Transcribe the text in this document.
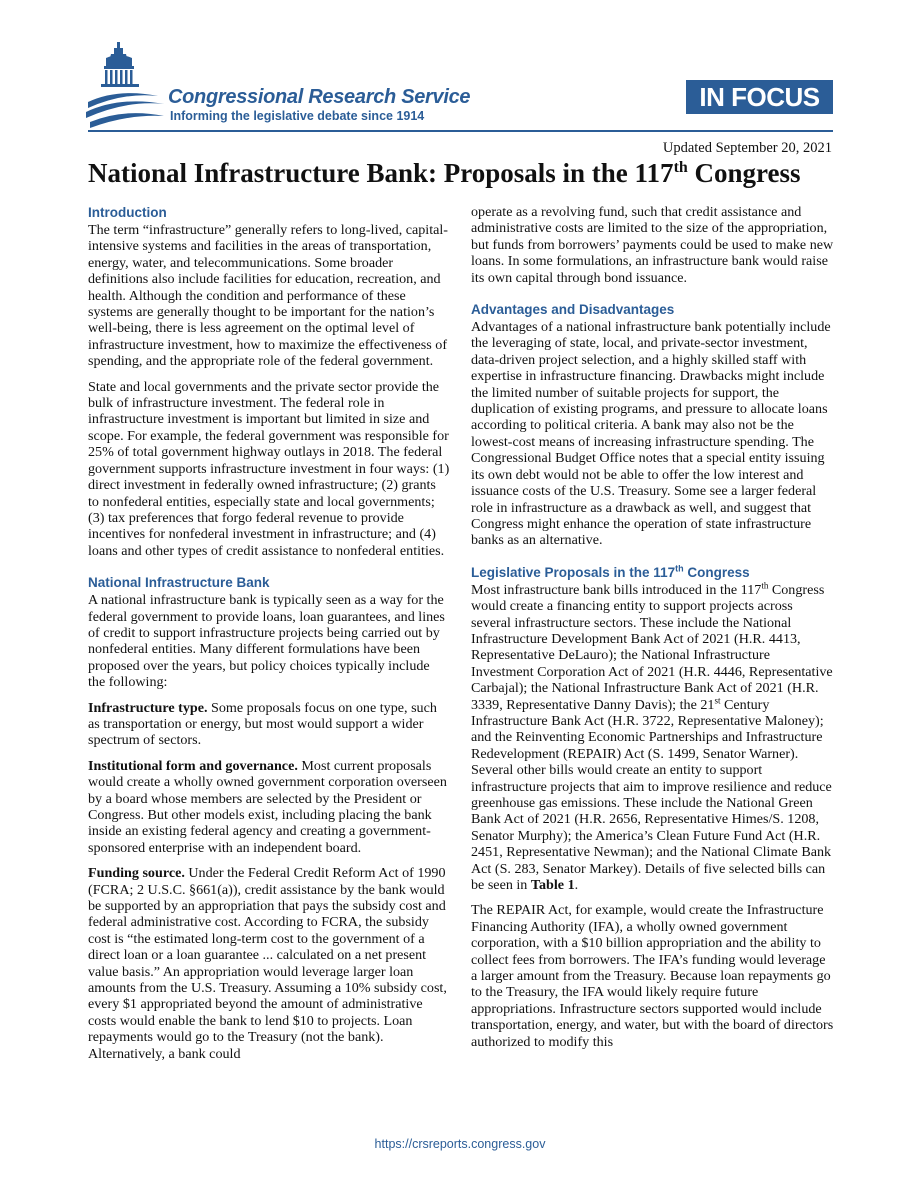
Congressional Research Service
Informing the legislative debate since 1914
IN FOCUS
Updated September 20, 2021
National Infrastructure Bank: Proposals in the 117th Congress
Introduction

The term “infrastructure” generally refers to long-lived, capital-intensive systems and facilities in the areas of transportation, energy, water, and telecommunications. Some broader definitions also include facilities for education, recreation, and health. Although the condition and performance of these systems are generally thought to be important for the nation’s well-being, there is less agreement on the optimal level of infrastructure investment, how to maximize the effectiveness of spending, and the appropriate role of the federal government.

State and local governments and the private sector provide the bulk of infrastructure investment. The federal role in infrastructure investment is important but limited in size and scope. For example, the federal government was responsible for 25% of total government highway outlays in 2018. The federal government supports infrastructure investment in four ways: (1) direct investment in federally owned infrastructure; (2) grants to nonfederal entities, especially state and local governments; (3) tax preferences that forgo federal revenue to provide incentives for nonfederal investment in infrastructure; and (4) loans and other types of credit assistance to nonfederal entities.

National Infrastructure Bank

A national infrastructure bank is typically seen as a way for the federal government to provide loans, loan guarantees, and lines of credit to support infrastructure projects being carried out by nonfederal entities. Many different formulations have been proposed over the years, but policy choices typically include the following:

Infrastructure type. Some proposals focus on one type, such as transportation or energy, but most would support a wider spectrum of sectors.

Institutional form and governance. Most current proposals would create a wholly owned government corporation overseen by a board whose members are selected by the President or Congress. But other models exist, including placing the bank inside an existing federal agency and creating a government-sponsored enterprise with an independent board.

Funding source. Under the Federal Credit Reform Act of 1990 (FCRA; 2 U.S.C. §661(a)), credit assistance by the bank would be supported by an appropriation that pays the subsidy cost and federal administrative cost. According to FCRA, the subsidy cost is “the estimated long-term cost to the government of a direct loan or a loan guarantee ... calculated on a net present value basis.” An appropriation would leverage larger loan amounts from the U.S. Treasury. Assuming a 10% subsidy cost, every $1 appropriated beyond the amount of administrative costs would enable the bank to lend $10 to projects. Loan repayments would go to the Treasury (not the bank). Alternatively, a bank could

operate as a revolving fund, such that credit assistance and administrative costs are limited to the size of the appropriation, but funds from borrowers’ payments could be used to make new loans. In some formulations, an infrastructure bank would raise its own capital through bond issuance.

Advantages and Disadvantages

Advantages of a national infrastructure bank potentially include the leveraging of state, local, and private-sector investment, data-driven project selection, and a highly skilled staff with expertise in infrastructure financing. Drawbacks might include the limited number of suitable projects for support, the duplication of existing programs, and pressure to allocate loans according to political criteria. A bank may also not be the lowest-cost means of increasing infrastructure spending. The Congressional Budget Office notes that a special entity issuing its own debt would not be able to offer the low interest and issuance costs of the U.S. Treasury. Some see a larger federal role in infrastructure as a drawback as well, and suggest that Congress might enhance the operation of state infrastructure banks as an alternative.

Legislative Proposals in the 117th Congress

Most infrastructure bank bills introduced in the 117th Congress would create a financing entity to support projects across several infrastructure sectors. These include the National Infrastructure Development Bank Act of 2021 (H.R. 4413, Representative DeLauro); the National Infrastructure Investment Corporation Act of 2021 (H.R. 4446, Representative Carbajal); the National Infrastructure Bank Act of 2021 (H.R. 3339, Representative Danny Davis); the 21st Century Infrastructure Bank Act (H.R. 3722, Representative Maloney); and the Reinventing Economic Partnerships and Infrastructure Redevelopment (REPAIR) Act (S. 1499, Senator Warner). Several other bills would create an entity to support infrastructure projects that aim to improve resilience and reduce greenhouse gas emissions. These include the National Green Bank Act of 2021 (H.R. 2656, Representative Himes/S. 1208, Senator Murphy); the America’s Clean Future Fund Act (H.R. 2451, Representative Newman); and the National Climate Bank Act (S. 283, Senator Markey). Details of five selected bills can be seen in Table 1.

The REPAIR Act, for example, would create the Infrastructure Financing Authority (IFA), a wholly owned government corporation, with a $10 billion appropriation and the ability to collect fees from borrowers. The IFA’s funding would leverage a larger amount from the Treasury. Because loan repayments go to the Treasury, the IFA would likely require future appropriations. Infrastructure sectors supported would include transportation, energy, and water, but with the board of directors authorized to modify this

https://crsreports.congress.gov
